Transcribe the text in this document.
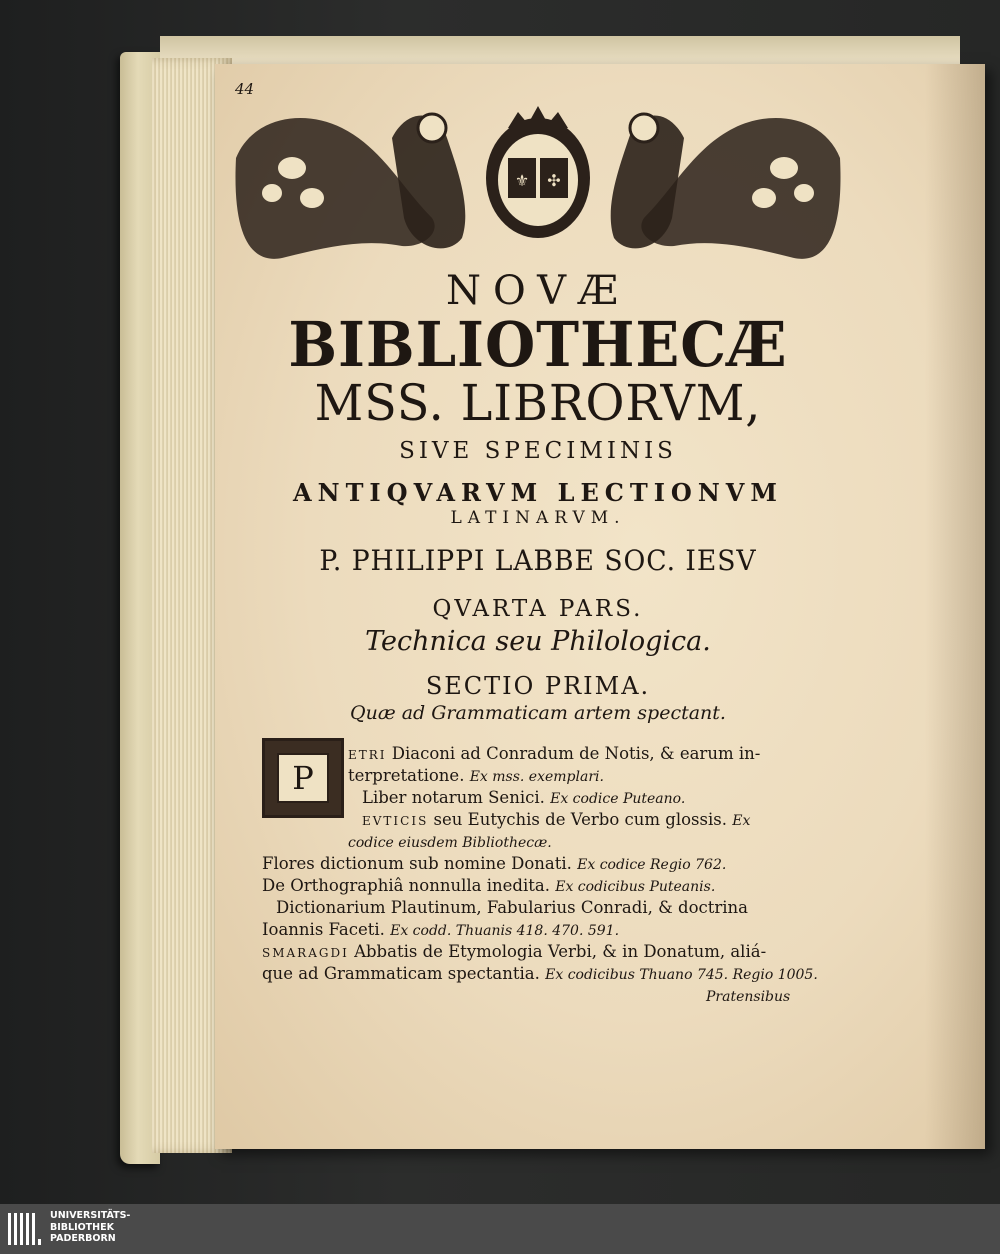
44
⚜ ✣
NOVÆ
BIBLIOTHECÆ
MSS. LIBRORVM,
SIVE SPECIMINIS
ANTIQVARVM LECTIONVM
LATINARVM.
P. PHILIPPI LABBE SOC. IESV
QVARTA PARS.
Technica seu Philologica.
SECTIO PRIMA.
Quæ ad Grammaticam artem spectant.
P
ETRI Diaconi ad Conradum de Notis, & earum in-
terpretatione. Ex mss. exemplari.
Liber notarum Senici. Ex codice Puteano.
EVTICIS seu Eutychis de Verbo cum glossis. Ex
codice eiusdem Bibliothecæ.
Flores dictionum sub nomine Donati. Ex codice Regio 762.
De Orthographiâ nonnulla inedita. Ex codicibus Puteanis.
Dictionarium Plautinum, Fabularius Conradi, & doctrina
Ioannis Faceti. Ex codd. Thuanis 418. 470. 591.
SMARAGDI Abbatis de Etymologia Verbi, & in Donatum, aliá-
que ad Grammaticam spectantia. Ex codicibus Thuano 745. Regio 1005.
Pratensibus
UNIVERSITÄTS-
BIBLIOTHEK
PADERBORN
